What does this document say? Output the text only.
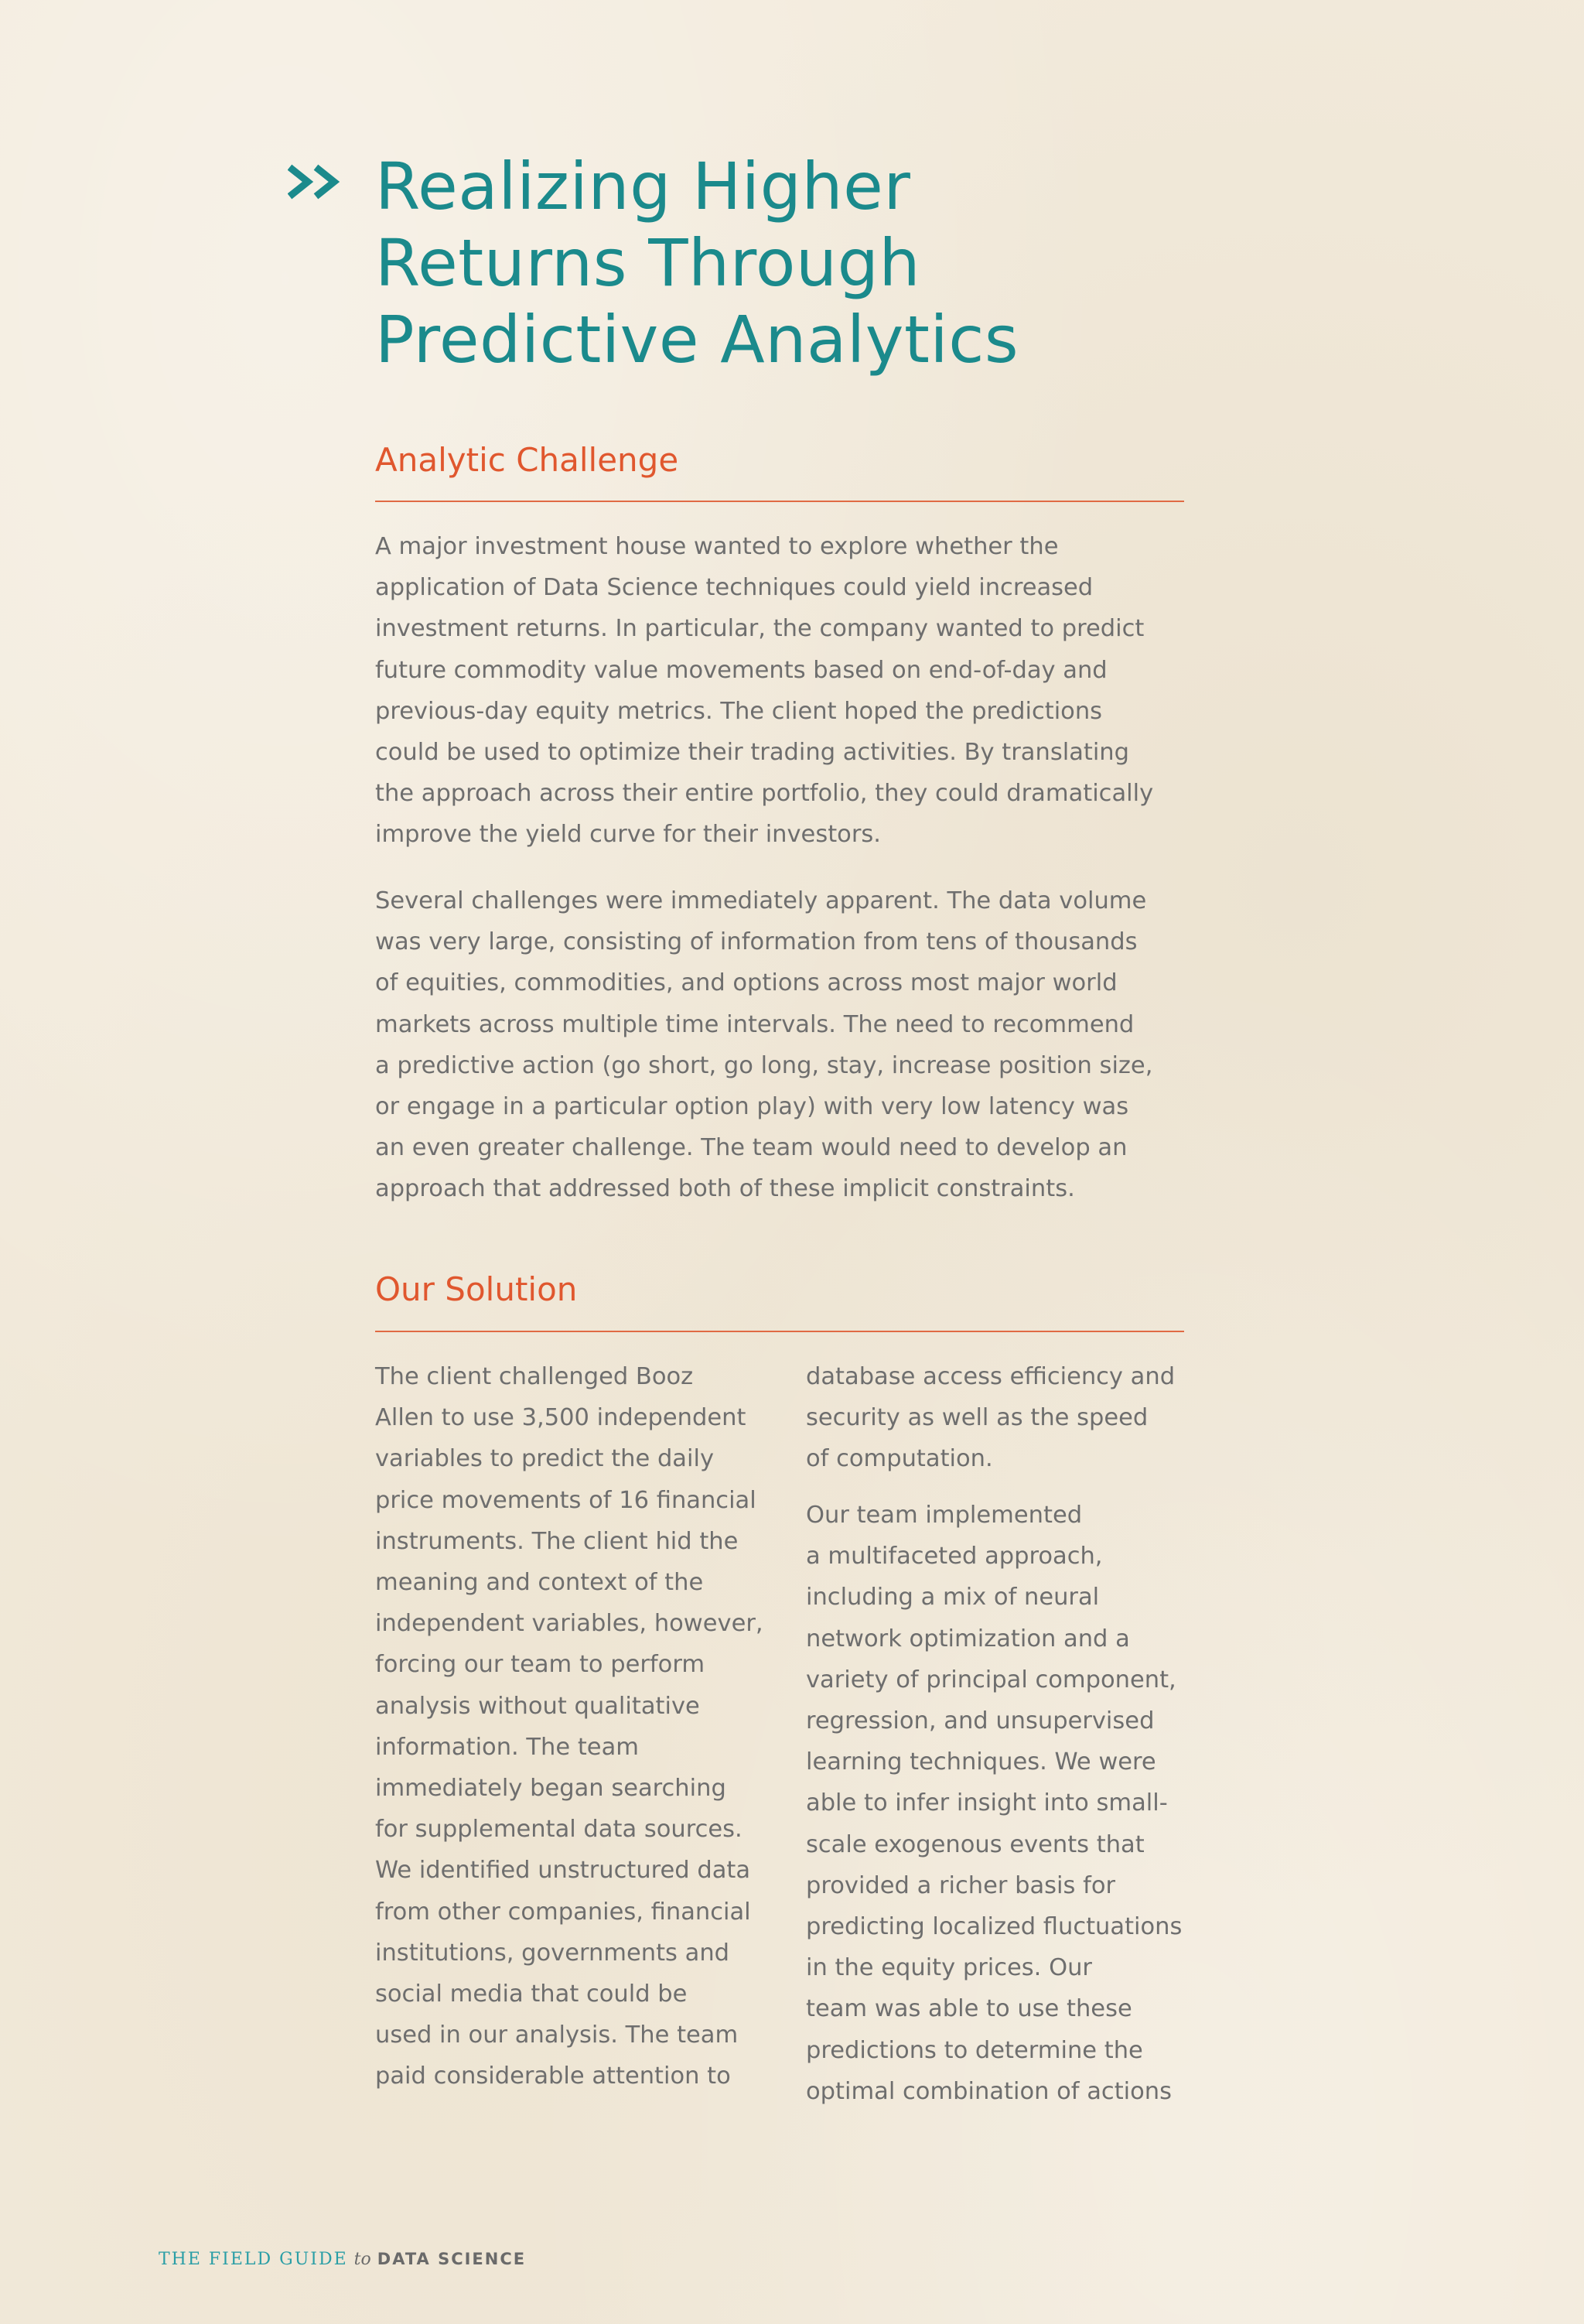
Realizing Higher
Returns Through
Predictive Analytics
Analytic Challenge

A major investment house wanted to explore whether the
application of Data Science techniques could yield increased
investment returns. In particular, the company wanted to predict
future commodity value movements based on end-of-day and
previous-day equity metrics. The client hoped the predictions
could be used to optimize their trading activities. By translating
the approach across their entire portfolio, they could dramatically
improve the yield curve for their investors.

Several challenges were immediately apparent. The data volume
was very large, consisting of information from tens of thousands
of equities, commodities, and options across most major world
markets across multiple time intervals. The need to recommend
a predictive action (go short, go long, stay, increase position size,
or engage in a particular option play) with very low latency was
an even greater challenge. The team would need to develop an
approach that addressed both of these implicit constraints.

Our Solution

The client challenged Booz
Allen to use 3,500 independent
variables to predict the daily
price movements of 16 financial
instruments. The client hid the
meaning and context of the
independent variables, however,
forcing our team to perform
analysis without qualitative
information. The team
immediately began searching
for supplemental data sources.
We identified unstructured data
from other companies, financial
institutions, governments and
social media that could be
used in our analysis. The team
paid considerable attention to

database access efficiency and
security as well as the speed
of computation.

Our team implemented
a multifaceted approach,
including a mix of neural
network optimization and a
variety of principal component,
regression, and unsupervised
learning techniques. We were
able to infer insight into small-
scale exogenous events that
provided a richer basis for
predicting localized fluctuations
in the equity prices. Our
team was able to use these
predictions to determine the
optimal combination of actions

THE FIELD GUIDE to DATA SCIENCE
